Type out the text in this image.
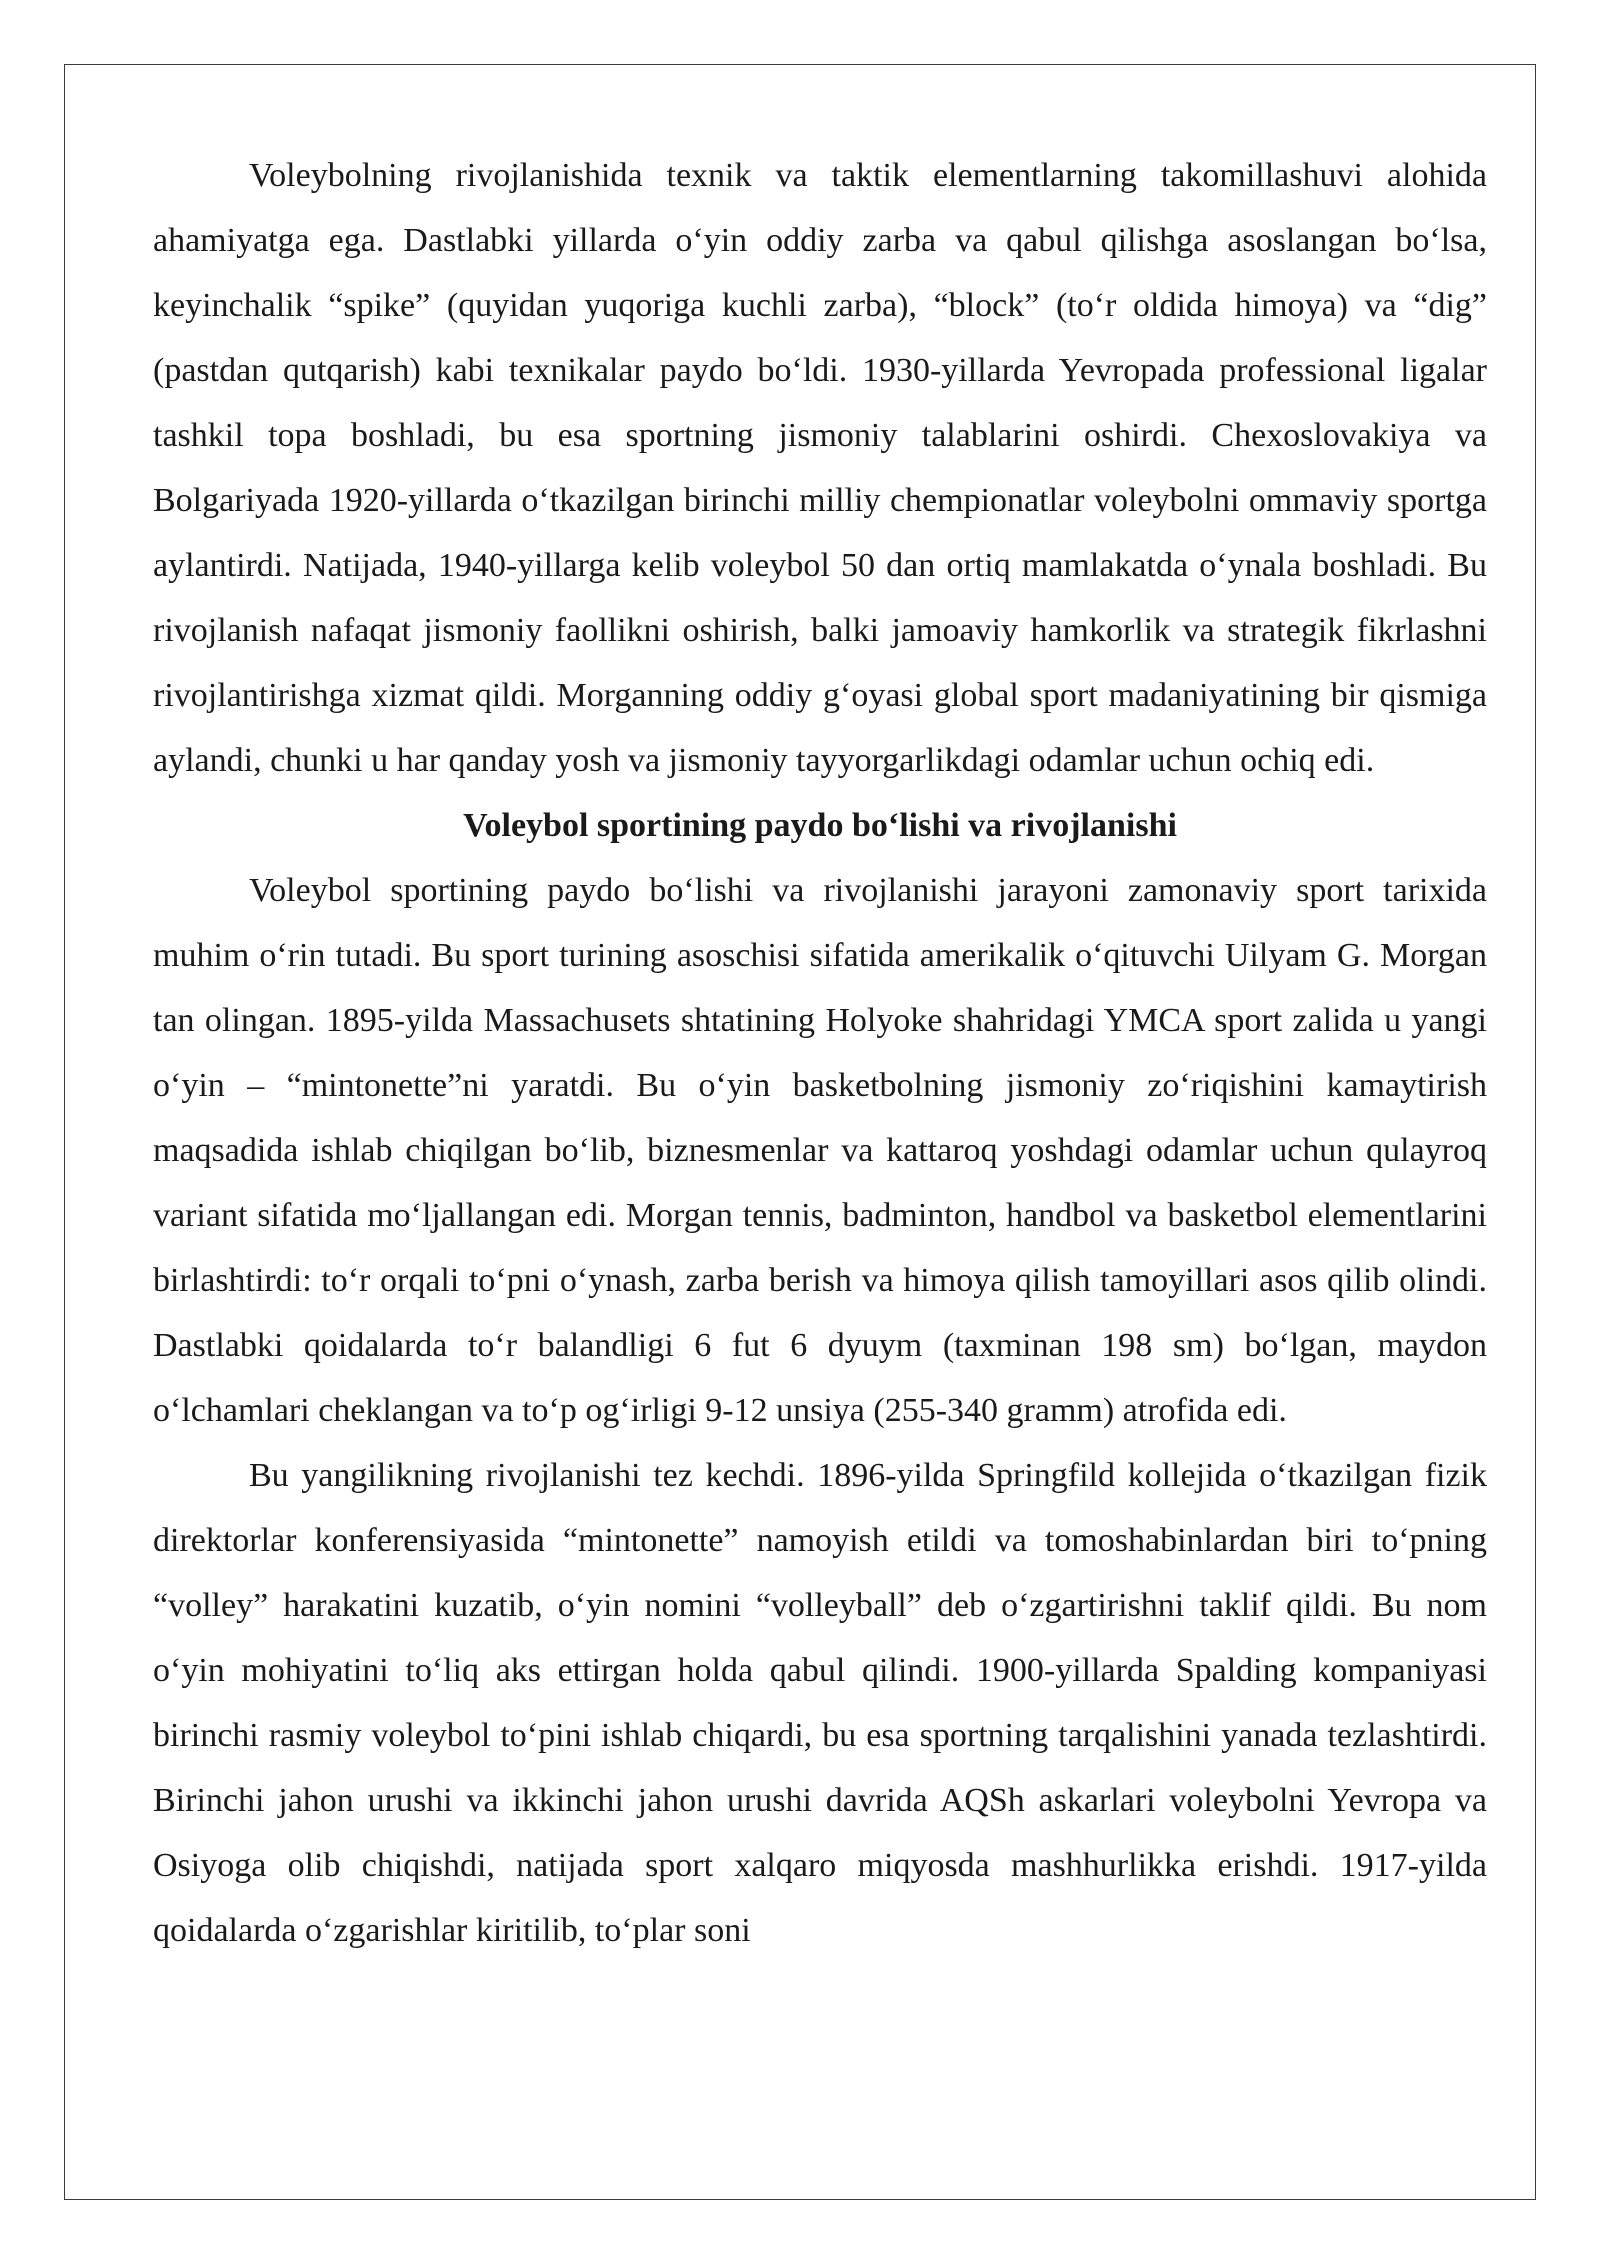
Voleybolning rivojlanishida texnik va taktik elementlarning takomillashuvi alohida ahamiyatga ega. Dastlabki yillarda o‘yin oddiy zarba va qabul qilishga asoslangan bo‘lsa, keyinchalik “spike” (quyidan yuqoriga kuchli zarba), “block” (to‘r oldida himoya) va “dig” (pastdan qutqarish) kabi texnikalar paydo bo‘ldi. 1930-yillarda Yevropada professional ligalar tashkil topa boshladi, bu esa sportning jismoniy talablarini oshirdi. Chexoslovakiya va Bolgariyada 1920-yillarda o‘tkazilgan birinchi milliy chempionatlar voleybolni ommaviy sportga aylantirdi. Natijada, 1940-yillarga kelib voleybol 50 dan ortiq mamlakatda o‘ynala boshladi. Bu rivojlanish nafaqat jismoniy faollikni oshirish, balki jamoaviy hamkorlik va strategik fikrlashni rivojlantirishga xizmat qildi. Morganning oddiy g‘oyasi global sport madaniyatining bir qismiga aylandi, chunki u har qanday yosh va jismoniy tayyorgarlikdagi odamlar uchun ochiq edi.

Voleybol sportining paydo bo‘lishi va rivojlanishi

Voleybol sportining paydo bo‘lishi va rivojlanishi jarayoni zamonaviy sport tarixida muhim o‘rin tutadi. Bu sport turining asoschisi sifatida amerikalik o‘qituvchi Uilyam G. Morgan tan olingan. 1895-yilda Massachusets shtatining Holyoke shahridagi YMCA sport zalida u yangi o‘yin – “mintonette”ni yaratdi. Bu o‘yin basketbolning jismoniy zo‘riqishini kamaytirish maqsadida ishlab chiqilgan bo‘lib, biznesmenlar va kattaroq yoshdagi odamlar uchun qulayroq variant sifatida mo‘ljallangan edi. Morgan tennis, badminton, handbol va basketbol elementlarini birlashtirdi: to‘r orqali to‘pni o‘ynash, zarba berish va himoya qilish tamoyillari asos qilib olindi. Dastlabki qoidalarda to‘r balandligi 6 fut 6 dyuym (taxminan 198 sm) bo‘lgan, maydon o‘lchamlari cheklangan va to‘p og‘irligi 9-12 unsiya (255-340 gramm) atrofida edi.

Bu yangilikning rivojlanishi tez kechdi. 1896-yilda Springfild kollejida o‘tkazilgan fizik direktorlar konferensiyasida “mintonette” namoyish etildi va tomoshabinlardan biri to‘pning “volley” harakatini kuzatib, o‘yin nomini “volleyball” deb o‘zgartirishni taklif qildi. Bu nom o‘yin mohiyatini to‘liq aks ettirgan holda qabul qilindi. 1900-yillarda Spalding kompaniyasi birinchi rasmiy voleybol to‘pini ishlab chiqardi, bu esa sportning tarqalishini yanada tezlashtirdi. Birinchi jahon urushi va ikkinchi jahon urushi davrida AQSh askarlari voleybolni Yevropa va Osiyoga olib chiqishdi, natijada sport xalqaro miqyosda mashhurlikka erishdi. 1917-yilda qoidalarda o‘zgarishlar kiritilib, to‘plar soni
